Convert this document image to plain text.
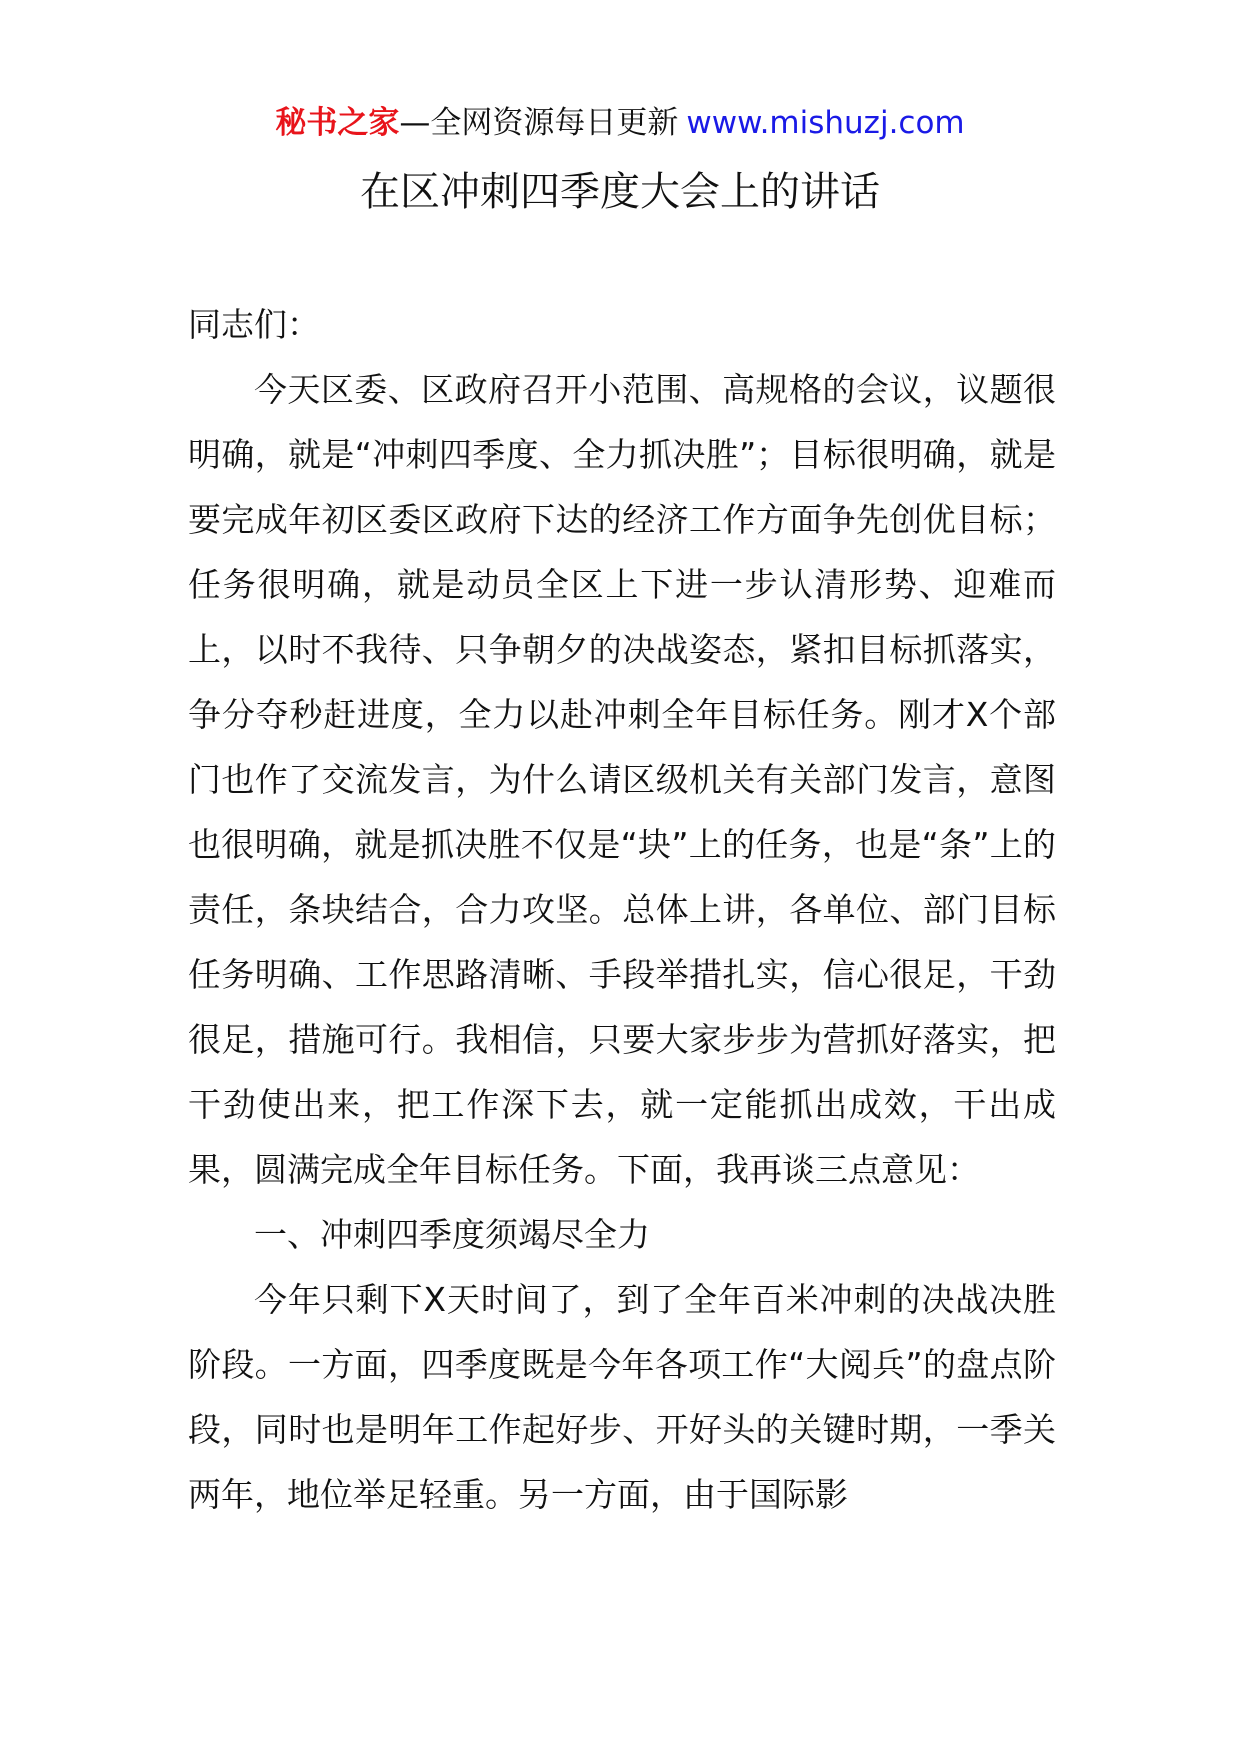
秘书之家—全网资源每日更新 www.mishuzj.com
在区冲刺四季度大会上的讲话

同志们：

今天区委、区政府召开小范围、高规格的会议，议题很明确，就是“冲刺四季度、全力抓决胜”；目标很明确，就是要完成年初区委区政府下达的经济工作方面争先创优目标；任务很明确，就是动员全区上下进一步认清形势、迎难而上，以时不我待、只争朝夕的决战姿态，紧扣目标抓落实，争分夺秒赶进度，全力以赴冲刺全年目标任务。刚才X个部门也作了交流发言，为什么请区级机关有关部门发言，意图也很明确，就是抓决胜不仅是“块”上的任务，也是“条”上的责任，条块结合，合力攻坚。总体上讲，各单位、部门目标任务明确、工作思路清晰、手段举措扎实，信心很足，干劲很足，措施可行。我相信，只要大家步步为营抓好落实，把干劲使出来，把工作深下去，就一定能抓出成效，干出成果，圆满完成全年目标任务。下面，我再谈三点意见：

一、冲刺四季度须竭尽全力

今年只剩下X天时间了，到了全年百米冲刺的决战决胜阶段。一方面，四季度既是今年各项工作“大阅兵”的盘点阶段，同时也是明年工作起好步、开好头的关键时期，一季关两年，地位举足轻重。另一方面，由于国际影
